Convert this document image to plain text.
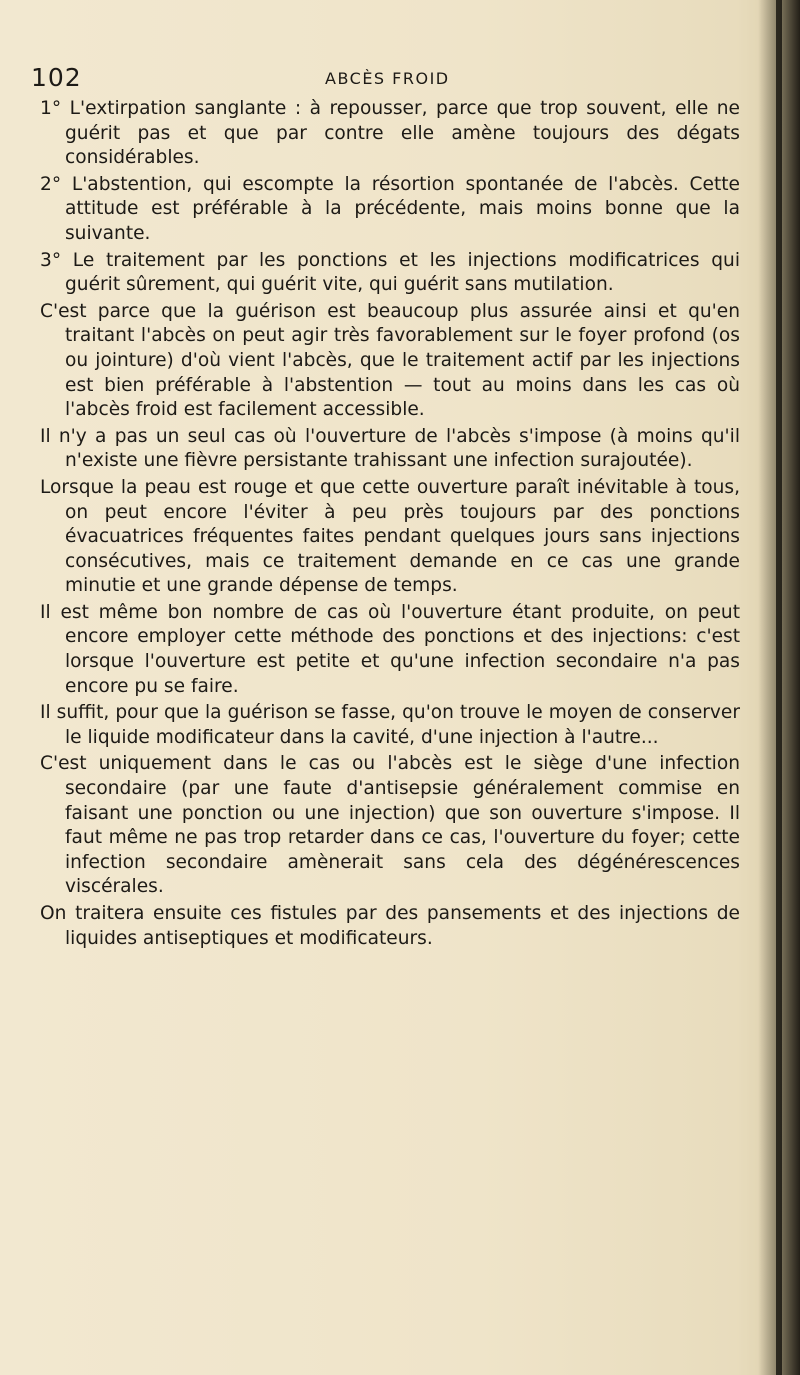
102	ABCÈS FROID

1° L'extirpation sanglante : à repousser, parce que trop souvent, elle ne guérit pas et que par contre elle amène toujours des dégats considérables.

2° L'abstention, qui escompte la résortion spontanée de l'abcès. Cette attitude est préférable à la précédente, mais moins bonne que la suivante.

3° Le traitement par les ponctions et les injections modificatrices qui guérit sûrement, qui guérit vite, qui guérit sans mutilation.

C'est parce que la guérison est beaucoup plus assurée ainsi et qu'en traitant l'abcès on peut agir très favorablement sur le foyer profond (os ou jointure) d'où vient l'abcès, que le traitement actif par les injections est bien préférable à l'abstention — tout au moins dans les cas où l'abcès froid est facilement accessible.

Il n'y a pas un seul cas où l'ouverture de l'abcès s'impose (à moins qu'il n'existe une fièvre persistante trahissant une infection surajoutée).

Lorsque la peau est rouge et que cette ouverture paraît inévitable à tous, on peut encore l'éviter à peu près toujours par des ponctions évacuatrices fréquentes faites pendant quelques jours sans injections consécutives, mais ce traitement demande en ce cas une grande minutie et une grande dépense de temps.

Il est même bon nombre de cas où l'ouverture étant produite, on peut encore employer cette méthode des ponctions et des injections: c'est lorsque l'ouverture est petite et qu'une infection secondaire n'a pas encore pu se faire.

Il suffit, pour que la guérison se fasse, qu'on trouve le moyen de conserver le liquide modificateur dans la cavité, d'une injection à l'autre...

C'est uniquement dans le cas ou l'abcès est le siège d'une infection secondaire (par une faute d'antisepsie généralement commise en faisant une ponction ou une injection) que son ouverture s'impose. Il faut même ne pas trop retarder dans ce cas, l'ouverture du foyer; cette infection secondaire amènerait sans cela des dégénérescences viscérales.

On traitera ensuite ces fistules par des pansements et des injections de liquides antiseptiques et modificateurs.
